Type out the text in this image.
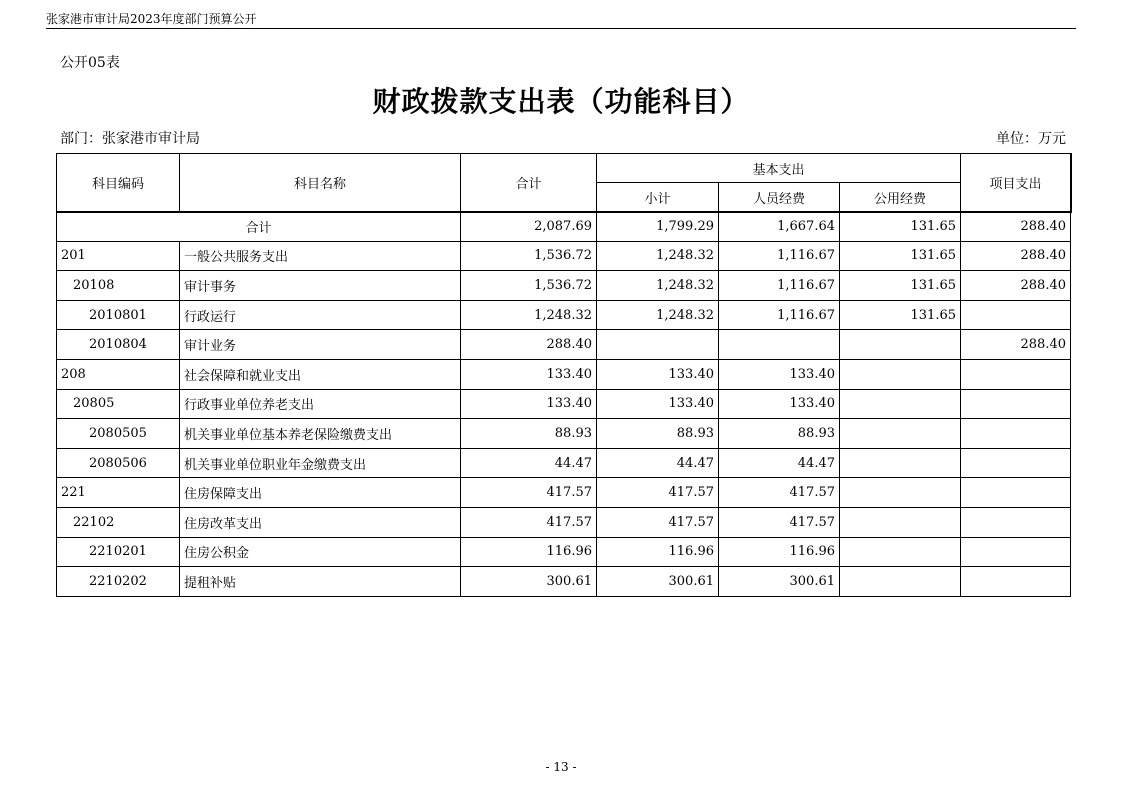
张家港市审计局2023年度部门预算公开
公开05表
财政拨款支出表（功能科目）
部门：张家港市审计局	单位：万元
科目编码	科目名称	合计	基本支出			项目支出
			小计	人员经费	公用经费	
合计		2,087.69	1,799.29	1,667.64	131.65	288.40
201	一般公共服务支出	1,536.72	1,248.32	1,116.67	131.65	288.40
20108	审计事务	1,536.72	1,248.32	1,116.67	131.65	288.40
2010801	行政运行	1,248.32	1,248.32	1,116.67	131.65	
2010804	审计业务	288.40				288.40
208	社会保障和就业支出	133.40	133.40	133.40		
20805	行政事业单位养老支出	133.40	133.40	133.40		
2080505	机关事业单位基本养老保险缴费支出	88.93	88.93	88.93		
2080506	机关事业单位职业年金缴费支出	44.47	44.47	44.47		
221	住房保障支出	417.57	417.57	417.57		
22102	住房改革支出	417.57	417.57	417.57		
2210201	住房公积金	116.96	116.96	116.96		
2210202	提租补贴	300.61	300.61	300.61		
- 13 -
